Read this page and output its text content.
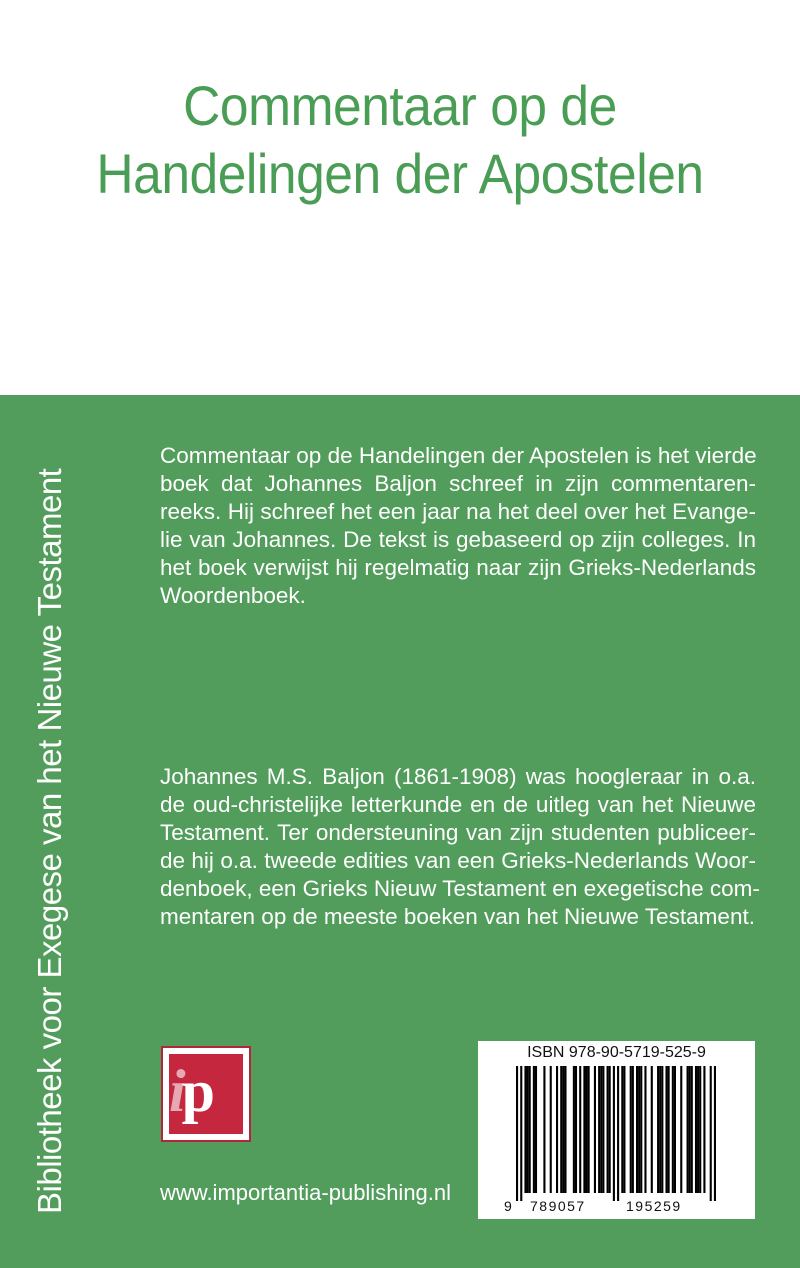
Commentaar op de
Handelingen der Apostelen
Bibliotheek voor Exegese van het Nieuwe Testament
Commentaar op de Handelingen der Apostelen is het vierde
boek dat Johannes Baljon schreef in zijn commentaren-
reeks. Hij schreef het een jaar na het deel over het Evange-
lie van Johannes. De tekst is gebaseerd op zijn colleges. In
het boek verwijst hij regelmatig naar zijn Grieks-Nederlands
Woordenboek.
Johannes M.S. Baljon (1861-1908) was hoogleraar in o.a.
de oud-christelijke letterkunde en de uitleg van het Nieuwe
Testament. Ter ondersteuning van zijn studenten publiceer-
de hij o.a. tweede edities van een Grieks-Nederlands Woor-
denboek, een Grieks Nieuw Testament en exegetische com-
mentaren op de meeste boeken van het Nieuwe Testament.
ip
www.importantia-publishing.nl
ISBN 978-90-5719-525-9
9 789057	195259
